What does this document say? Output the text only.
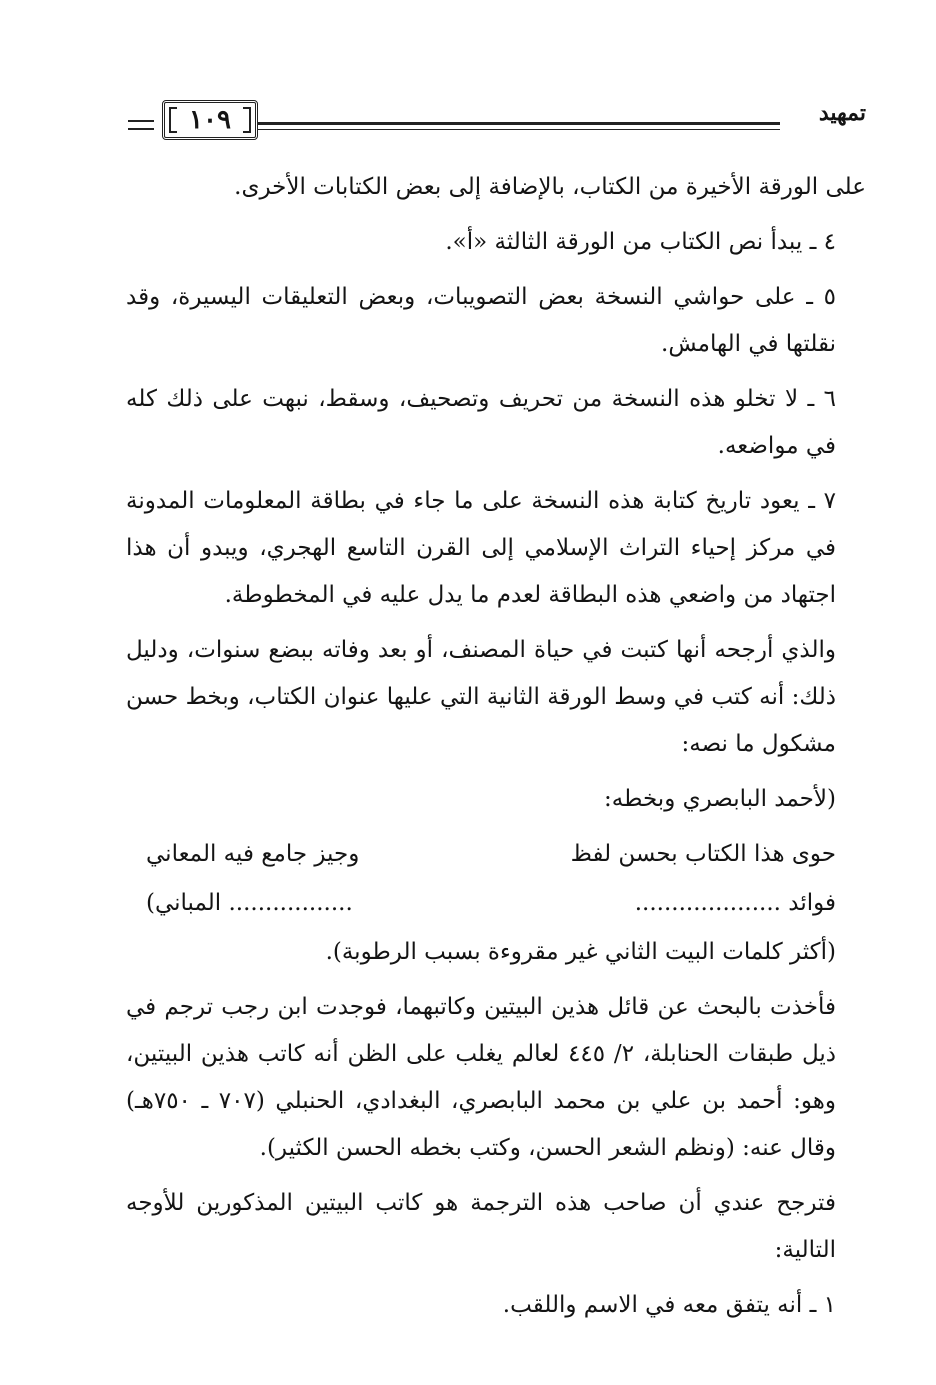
تمهيد
١٠٩

على الورقة الأخيرة من الكتاب، بالإضافة إلى بعض الكتابات الأخرى.

٤ ـ يبدأ نص الكتاب من الورقة الثالثة «أ».

٥ ـ على حواشي النسخة بعض التصويبات، وبعض التعليقات اليسيرة، وقد نقلتها في الهامش.

٦ ـ لا تخلو هذه النسخة من تحريف وتصحيف، وسقط، نبهت على ذلك كله في مواضعه.

٧ ـ يعود تاريخ كتابة هذه النسخة على ما جاء في بطاقة المعلومات المدونة في مركز إحياء التراث الإسلامي إلى القرن التاسع الهجري، ويبدو أن هذا اجتهاد من واضعي هذه البطاقة لعدم ما يدل عليه في المخطوطة.

والذي أرجحه أنها كتبت في حياة المصنف، أو بعد وفاته ببضع سنوات، ودليل ذلك: أنه كتب في وسط الورقة الثانية التي عليها عنوان الكتاب، وبخط حسن مشكول ما نصه:

(لأحمد البابصري وبخطه:

حوى هذا الكتاب بحسن لفظ
وجيز جامع فيه المعاني
فوائد ....................
................. المباني)

(أكثر كلمات البيت الثاني غير مقروءة بسبب الرطوبة).

فأخذت بالبحث عن قائل هذين البيتين وكاتبهما، فوجدت ابن رجب ترجم في ذيل طبقات الحنابلة، ٢/ ٤٤٥ لعالم يغلب على الظن أنه كاتب هذين البيتين، وهو: أحمد بن علي بن محمد البابصري، البغدادي، الحنبلي (٧٠٧ ـ ٧٥٠هـ) وقال عنه: (ونظم الشعر الحسن، وكتب بخطه الحسن الكثير).

فترجح عندي أن صاحب هذه الترجمة هو كاتب البيتين المذكورين للأوجه التالية:

١ ـ أنه يتفق معه في الاسم واللقب.
